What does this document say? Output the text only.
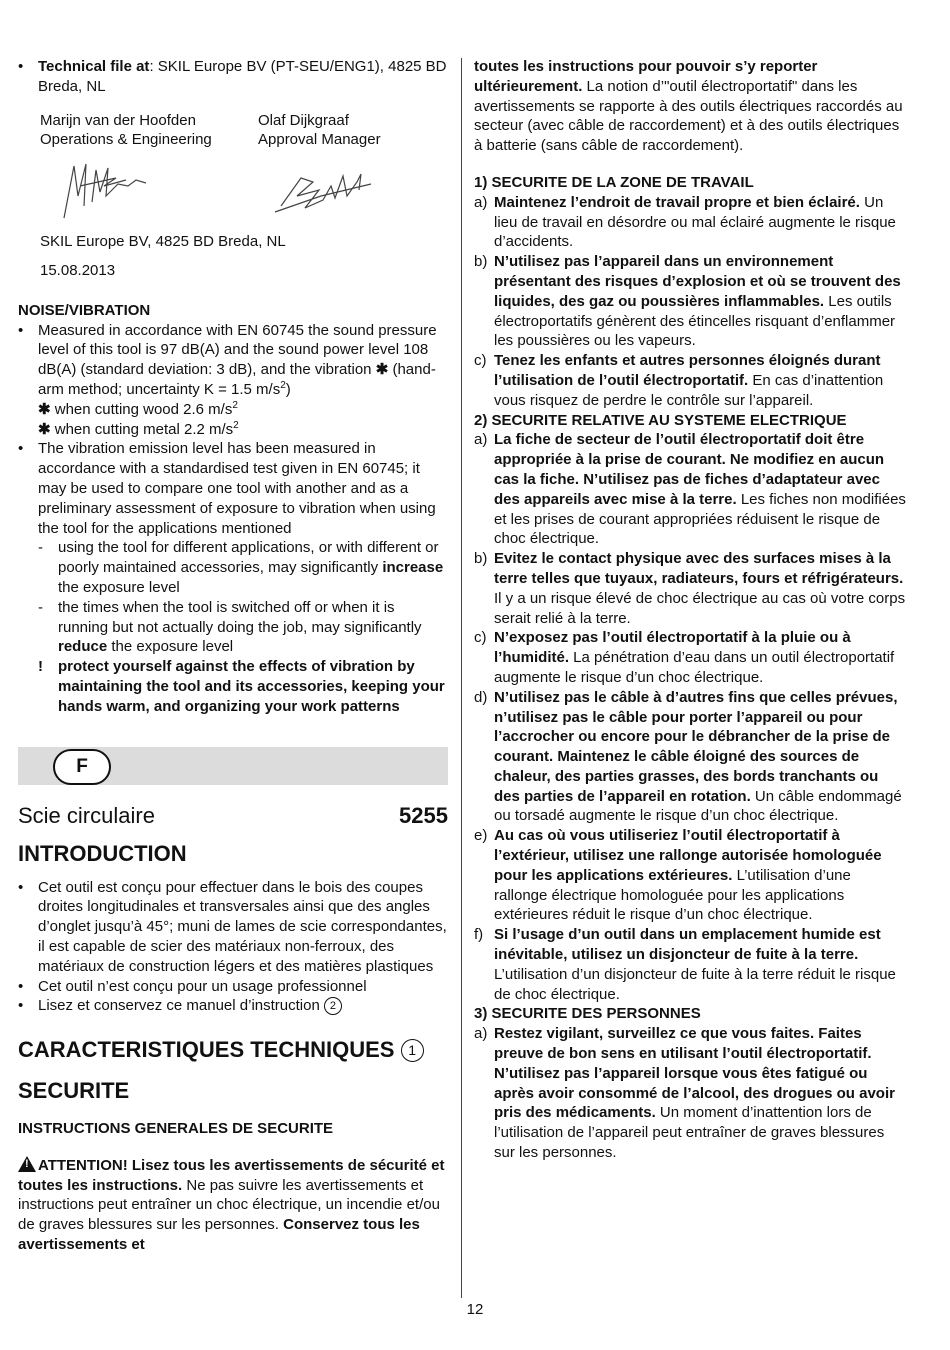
• Technical file at: SKIL Europe BV (PT-SEU/ENG1), 4825 BD Breda, NL
Marijn van der Hoofden
Operations & Engineering
Olaf Dijkgraaf
Approval Manager

SKIL Europe BV, 4825 BD Breda, NL

15.08.2013

NOISE/VIBRATION

• Measured in accordance with EN 60745 the sound pressure level of this tool is 97 dB(A) and the sound power level 108 dB(A) (standard deviation: 3 dB), and the vibration ✱ (hand-arm method; uncertainty K = 1.5 $m/s^2$)
✱ when cutting wood 2.6 $m/s^2$
✱ when cutting metal 2.2 $m/s^2$
• The vibration emission level has been measured in accordance with a standardised test given in EN 60745; it may be used to compare one tool with another and as a preliminary assessment of exposure to vibration when using the tool for the applications mentioned
- using the tool for different applications, or with different or poorly maintained accessories, may significantly increase the exposure level
- the times when the tool is switched off or when it is running but not actually doing the job, may significantly reduce the exposure level
! protect yourself against the effects of vibration by maintaining the tool and its accessories, keeping your hands warm, and organizing your work patterns
F
Scie circulaire	5255

INTRODUCTION

• Cet outil est conçu pour effectuer dans le bois des coupes droites longitudinales et transversales ainsi que des angles d’onglet jusqu’à 45°; muni de lames de scie correspondantes, il est capable de scier des matériaux non-ferroux, des matériaux de construction légers et des matières plastiques
• Cet outil n’est conçu pour un usage professionnel
• Lisez et conservez ce manuel d’instruction 2

CARACTERISTIQUES TECHNIQUES 1

SECURITE

INSTRUCTIONS GENERALES DE SECURITE

!ATTENTION! Lisez tous les avertissements de sécurité et toutes les instructions. Ne pas suivre les avertissements et instructions peut entraîner un choc électrique, un incendie et/ou de graves blessures sur les personnes. Conservez tous les avertissements et

toutes les instructions pour pouvoir s’y reporter ultérieurement. La notion d’"outil électroportatif" dans les avertissements se rapporte à des outils électriques raccordés au secteur (avec câble de raccordement) et à des outils électriques à batterie (sans câble de raccordement).

1) SECURITE DE LA ZONE DE TRAVAIL

a) Maintenez l’endroit de travail propre et bien éclairé. Un lieu de travail en désordre ou mal éclairé augmente le risque d’accidents.
b) N’utilisez pas l’appareil dans un environnement présentant des risques d’explosion et où se trouvent des liquides, des gaz ou poussières inflammables. Les outils électroportatifs génèrent des étincelles risquant d’enflammer les poussières ou les vapeurs.
c) Tenez les enfants et autres personnes éloignés durant l’utilisation de l’outil électroportatif. En cas d’inattention vous risquez de perdre le contrôle sur l’appareil.

2) SECURITE RELATIVE AU SYSTEME ELECTRIQUE

a) La fiche de secteur de l’outil électroportatif doit être appropriée à la prise de courant. Ne modifiez en aucun cas la fiche. N’utilisez pas de fiches d’adaptateur avec des appareils avec mise à la terre. Les fiches non modifiées et les prises de courant appropriées réduisent le risque de choc électrique.
b) Evitez le contact physique avec des surfaces mises à la terre telles que tuyaux, radiateurs, fours et réfrigérateurs. Il y a un risque élevé de choc électrique au cas où votre corps serait relié à la terre.
c) N’exposez pas l’outil électroportatif à la pluie ou à l’humidité. La pénétration d’eau dans un outil électroportatif augmente le risque d’un choc électrique.
d) N’utilisez pas le câble à d’autres fins que celles prévues, n’utilisez pas le câble pour porter l’appareil ou pour l’accrocher ou encore pour le débrancher de la prise de courant. Maintenez le câble éloigné des sources de chaleur, des parties grasses, des bords tranchants ou des parties de l’appareil en rotation. Un câble endommagé ou torsadé augmente le risque d’un choc électrique.
e) Au cas où vous utiliseriez l’outil électroportatif à l’extérieur, utilisez une rallonge autorisée homologuée pour les applications extérieures. L’utilisation d’une rallonge électrique homologuée pour les applications extérieures réduit le risque d’un choc électrique.
f) Si l’usage d’un outil dans un emplacement humide est inévitable, utilisez un disjoncteur de fuite à la terre. L’utilisation d’un disjoncteur de fuite à la terre réduit le risque de choc électrique.

3) SECURITE DES PERSONNES

a) Restez vigilant, surveillez ce que vous faites. Faites preuve de bon sens en utilisant l’outil électroportatif. N’utilisez pas l’appareil lorsque vous êtes fatigué ou après avoir consommé de l’alcool, des drogues ou avoir pris des médicaments. Un moment d’inattention lors de l’utilisation de l’appareil peut entraîner de graves blessures sur les personnes.
12
